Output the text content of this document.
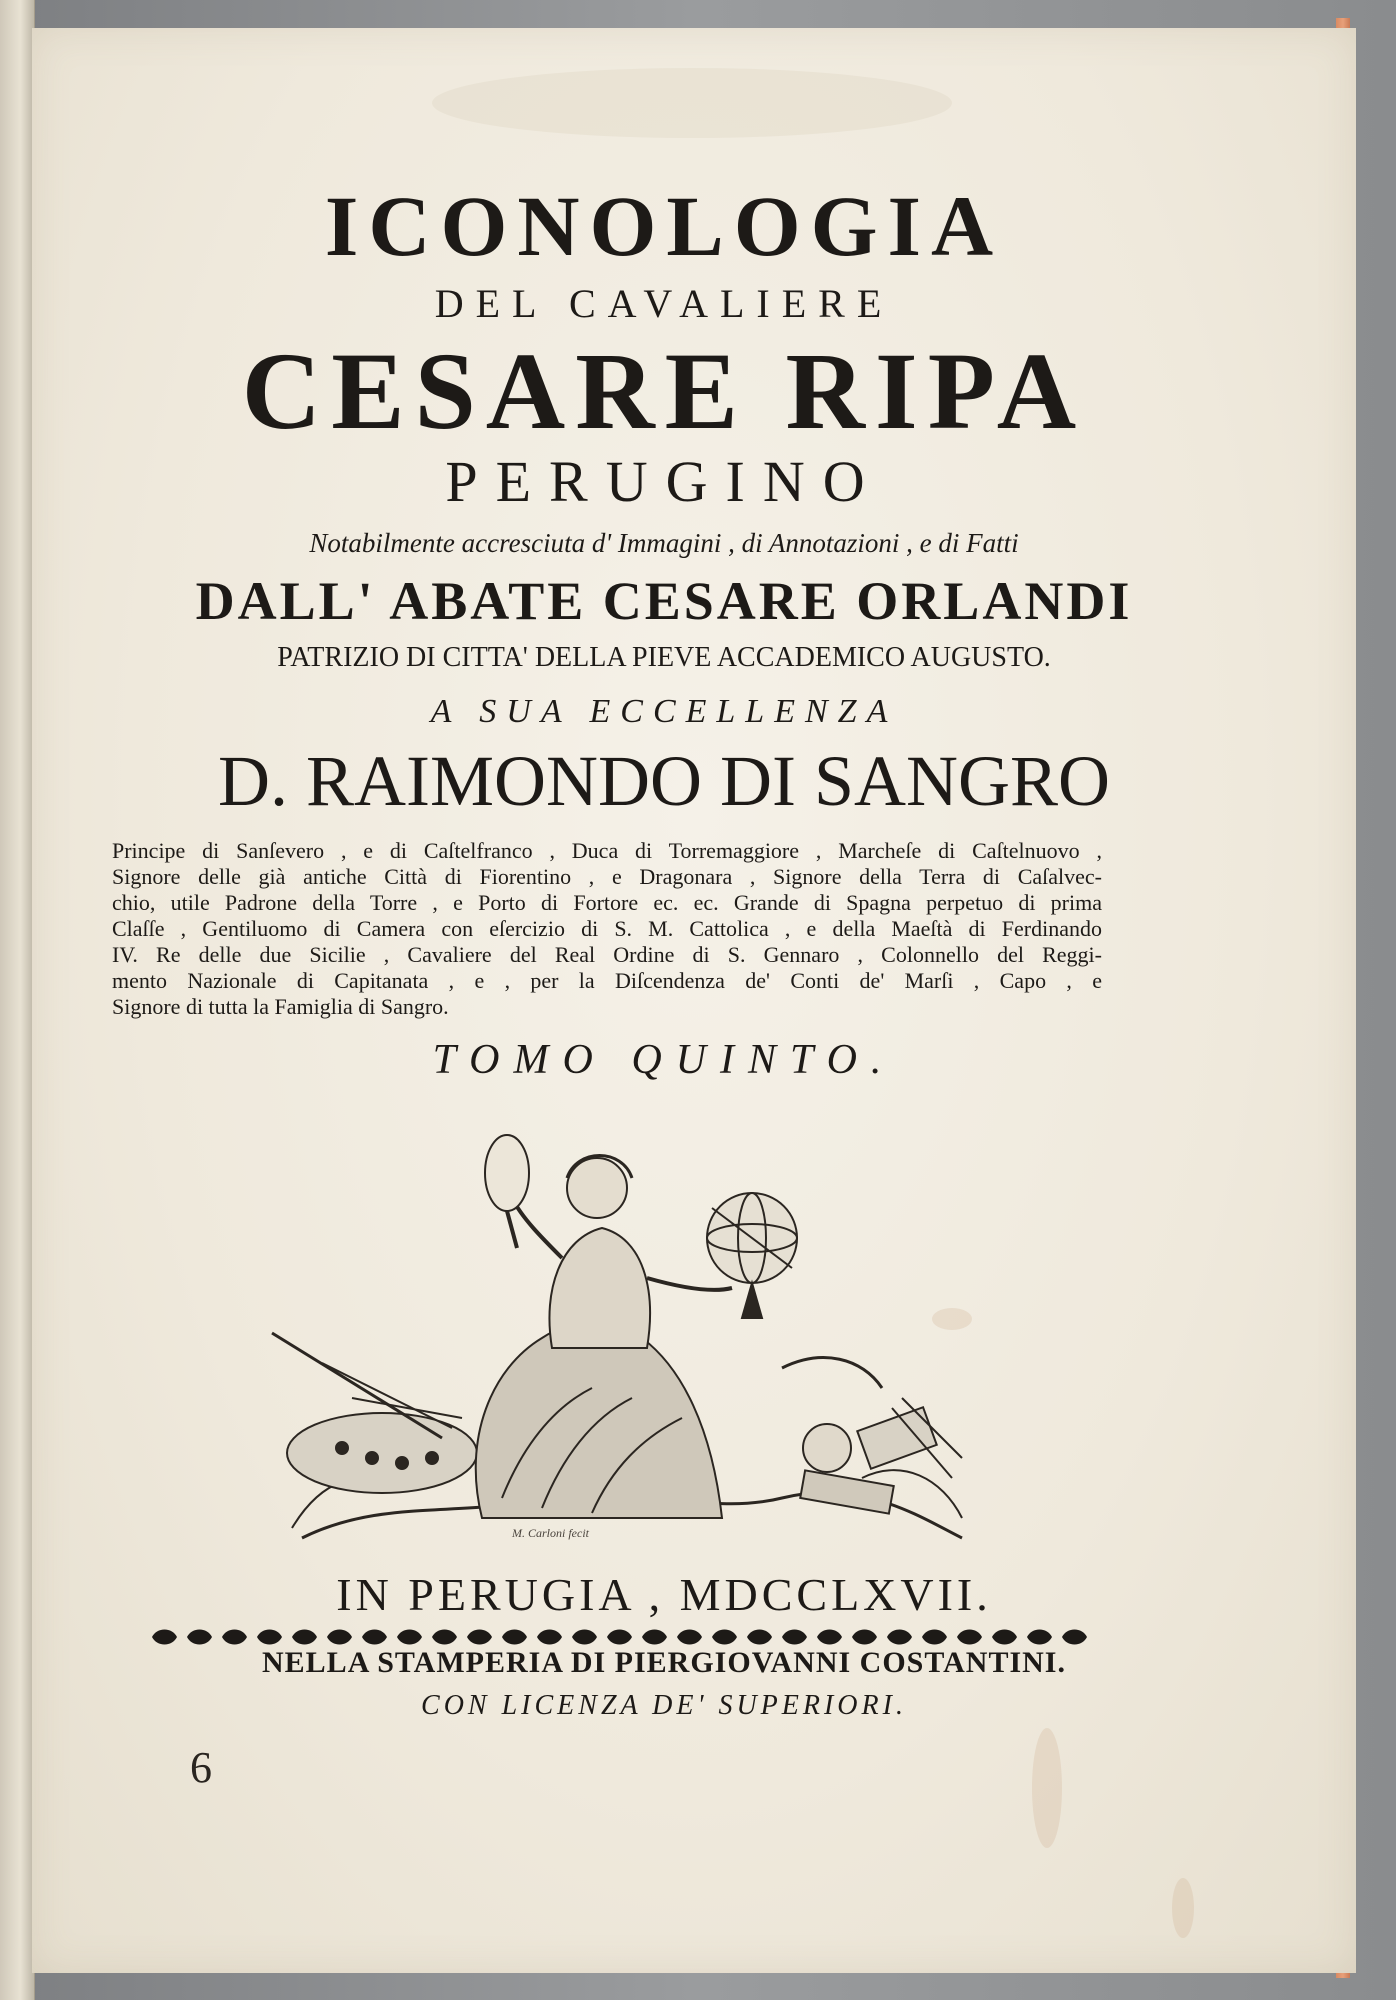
ICONOLOGIA
DEL CAVALIERE
CESARE RIPA
PERUGINO
Notabilmente accresciuta d' Immagini , di Annotazioni , e di Fatti
DALL' ABATE CESARE ORLANDI
PATRIZIO DI CITTA' DELLA PIEVE ACCADEMICO AUGUSTO.
A SUA ECCELLENZA
D. RAIMONDO DI SANGRO
Principe di Sanſevero , e di Caſtelfranco , Duca di Torremaggiore , Marcheſe di Caſtelnuovo ,
Signore delle già antiche Città di Fiorentino , e Dragonara , Signore della Terra di Caſalvec-
chio, utile Padrone della Torre , e Porto di Fortore ec. ec. Grande di Spagna perpetuo di prima
Claſſe , Gentiluomo di Camera con eſercizio di S. M. Cattolica , e della Maeſtà di Ferdinando
IV. Re delle due Sicilie , Cavaliere del Real Ordine di S. Gennaro , Colonnello del Reggi-
mento Nazionale di Capitanata , e , per la Diſcendenza de' Conti de' Marſi , Capo , e
Signore di tutta la Famiglia di Sangro.
TOMO QUINTO.
M. Carloni fecit
IN PERUGIA , MDCCLXVII.
NELLA STAMPERIA DI PIERGIOVANNI COSTANTINI.
CON LICENZA DE' SUPERIORI.
6
